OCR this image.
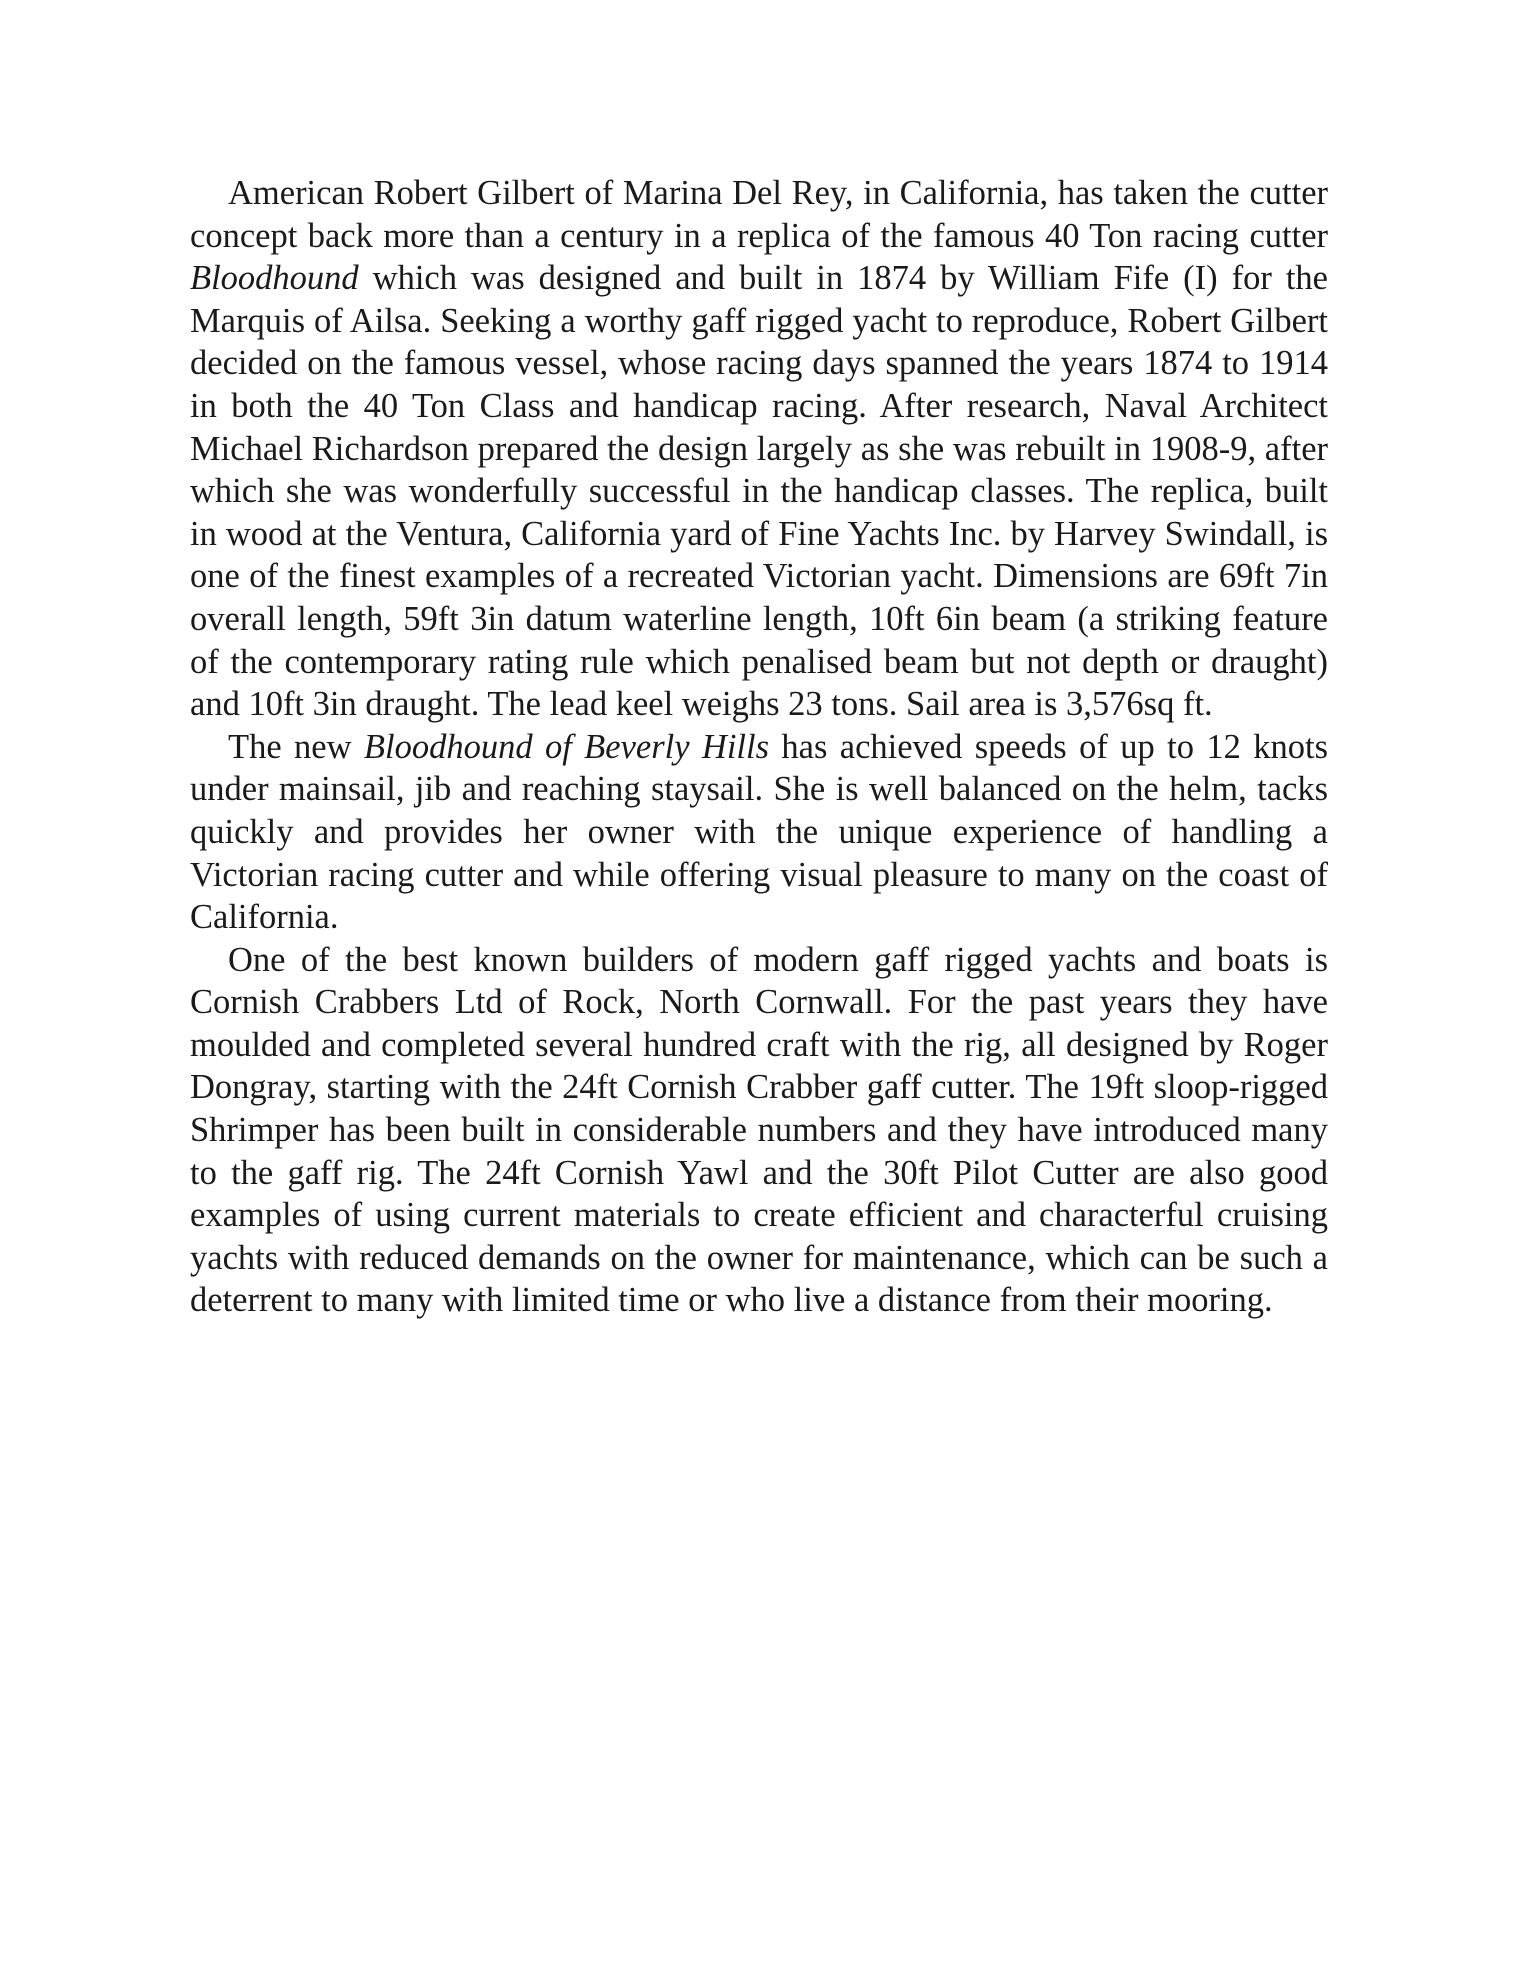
American Robert Gilbert of Marina Del Rey, in California, has taken the cutter concept back more than a century in a replica of the famous 40 Ton racing cutter Bloodhound which was designed and built in 1874 by William Fife (I) for the Marquis of Ailsa. Seeking a worthy gaff rigged yacht to reproduce, Robert Gilbert decided on the famous vessel, whose racing days spanned the years 1874 to 1914 in both the 40 Ton Class and handicap racing. After research, Naval Architect Michael Richardson prepared the design largely as she was rebuilt in 1908-9, after which she was wonderfully successful in the handicap classes. The replica, built in wood at the Ventura, California yard of Fine Yachts Inc. by Harvey Swindall, is one of the finest examples of a recreated Victorian yacht. Dimensions are 69ft 7in overall length, 59ft 3in datum waterline length, 10ft 6in beam (a striking feature of the contemporary rating rule which penalised beam but not depth or draught) and 10ft 3in draught. The lead keel weighs 23 tons. Sail area is 3,576sq ft.

The new Bloodhound of Beverly Hills has achieved speeds of up to 12 knots under mainsail, jib and reaching staysail. She is well balanced on the helm, tacks quickly and provides her owner with the unique experience of handling a Victorian racing cutter and while offering visual pleasure to many on the coast of California.

One of the best known builders of modern gaff rigged yachts and boats is Cornish Crabbers Ltd of Rock, North Cornwall. For the past years they have moulded and completed several hundred craft with the rig, all designed by Roger Dongray, starting with the 24ft Cornish Crabber gaff cutter. The 19ft sloop-rigged Shrimper has been built in considerable numbers and they have introduced many to the gaff rig. The 24ft Cornish Yawl and the 30ft Pilot Cutter are also good examples of using current materials to create efficient and characterful cruising yachts with reduced demands on the owner for maintenance, which can be such a deterrent to many with limited time or who live a distance from their mooring.
